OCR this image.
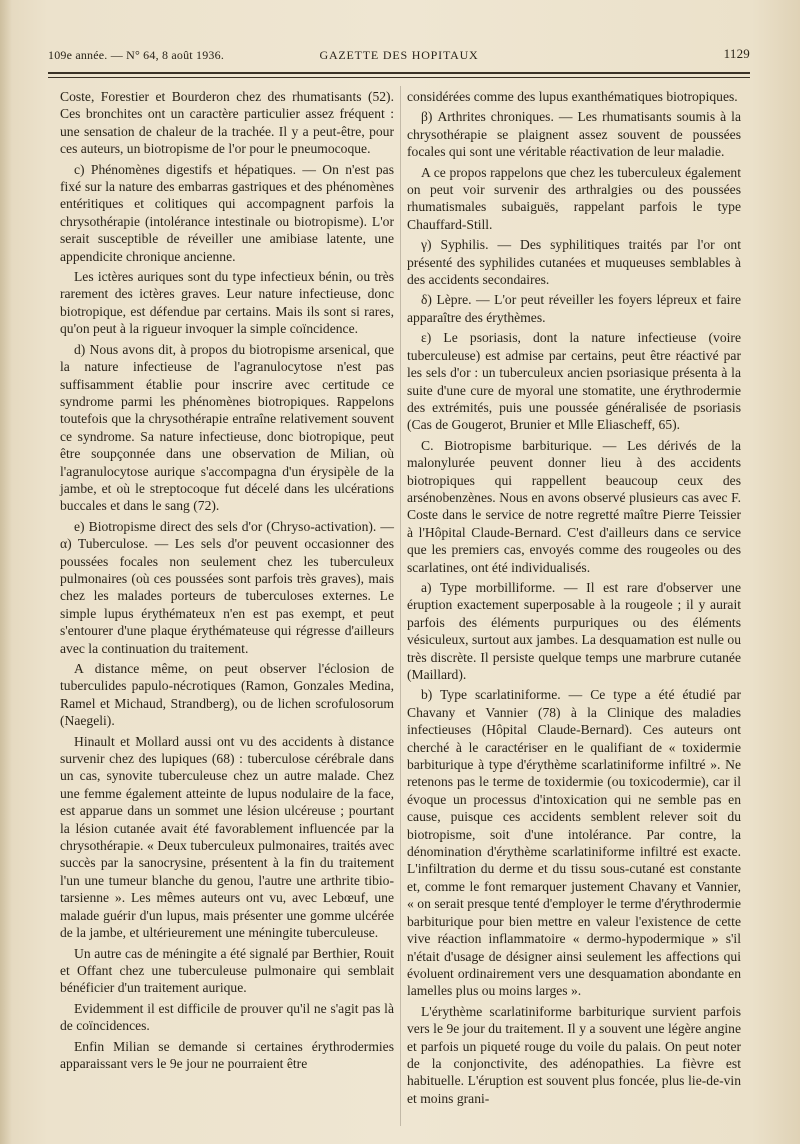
109e année. — N° 64, 8 août 1936.	GAZETTE DES HOPITAUX	1129

Coste, Forestier et Bourderon chez des rhumatisants (52). Ces bronchites ont un caractère particulier assez fréquent : une sensation de chaleur de la trachée. Il y a peut-être, pour ces auteurs, un biotropisme de l'or pour le pneumocoque.

c) Phénomènes digestifs et hépatiques. — On n'est pas fixé sur la nature des embarras gastriques et des phénomènes entéritiques et colitiques qui accompagnent parfois la chrysothérapie (intolérance intestinale ou biotropisme). L'or serait susceptible de réveiller une amibiase latente, une appendicite chronique ancienne.

Les ictères auriques sont du type infectieux bénin, ou très rarement des ictères graves. Leur nature infectieuse, donc biotropique, est défendue par certains. Mais ils sont si rares, qu'on peut à la rigueur invoquer la simple coïncidence.

d) Nous avons dit, à propos du biotropisme arsenical, que la nature infectieuse de l'agranulocytose n'est pas suffisamment établie pour inscrire avec certitude ce syndrome parmi les phénomènes biotropiques. Rappelons toutefois que la chrysothérapie entraîne relativement souvent ce syndrome. Sa nature infectieuse, donc biotropique, peut être soupçonnée dans une observation de Milian, où l'agranulocytose aurique s'accompagna d'un érysipèle de la jambe, et où le streptocoque fut décelé dans les ulcérations buccales et dans le sang (72).

e) Biotropisme direct des sels d'or (Chryso-activation). — α) Tuberculose. — Les sels d'or peuvent occasionner des poussées focales non seulement chez les tuberculeux pulmonaires (où ces poussées sont parfois très graves), mais chez les malades porteurs de tuberculoses externes. Le simple lupus érythémateux n'en est pas exempt, et peut s'entourer d'une plaque érythémateuse qui régresse d'ailleurs avec la continuation du traitement.

A distance même, on peut observer l'éclosion de tuberculides papulo-nécrotiques (Ramon, Gonzales Medina, Ramel et Michaud, Strandberg), ou de lichen scrofulosorum (Naegeli).

Hinault et Mollard aussi ont vu des accidents à distance survenir chez des lupiques (68) : tuberculose cérébrale dans un cas, synovite tuberculeuse chez un autre malade. Chez une femme également atteinte de lupus nodulaire de la face, est apparue dans un sommet une lésion ulcéreuse ; pourtant la lésion cutanée avait été favorablement influencée par la chrysothérapie. « Deux tuberculeux pulmonaires, traités avec succès par la sanocrysine, présentent à la fin du traitement l'un une tumeur blanche du genou, l'autre une arthrite tibio-tarsienne ». Les mêmes auteurs ont vu, avec Lebœuf, une malade guérir d'un lupus, mais présenter une gomme ulcérée de la jambe, et ultérieurement une méningite tuberculeuse.

Un autre cas de méningite a été signalé par Berthier, Rouit et Offant chez une tuberculeuse pulmonaire qui semblait bénéficier d'un traitement aurique.

Evidemment il est difficile de prouver qu'il ne s'agit pas là de coïncidences.

Enfin Milian se demande si certaines érythrodermies apparaissant vers le 9e jour ne pourraient être

considérées comme des lupus exanthématiques biotropiques.

β) Arthrites chroniques. — Les rhumatisants soumis à la chrysothérapie se plaignent assez souvent de poussées focales qui sont une véritable réactivation de leur maladie.

A ce propos rappelons que chez les tuberculeux également on peut voir survenir des arthralgies ou des poussées rhumatismales subaiguës, rappelant parfois le type Chauffard-Still.

γ) Syphilis. — Des syphilitiques traités par l'or ont présenté des syphilides cutanées et muqueuses semblables à des accidents secondaires.

δ) Lèpre. — L'or peut réveiller les foyers lépreux et faire apparaître des érythèmes.

ε) Le psoriasis, dont la nature infectieuse (voire tuberculeuse) est admise par certains, peut être réactivé par les sels d'or : un tuberculeux ancien psoriasique présenta à la suite d'une cure de myoral une stomatite, une érythrodermie des extrémités, puis une poussée généralisée de psoriasis (Cas de Gougerot, Brunier et Mlle Eliascheff, 65).

C. Biotropisme barbiturique. — Les dérivés de la malonylurée peuvent donner lieu à des accidents biotropiques qui rappellent beaucoup ceux des arsénobenzènes. Nous en avons observé plusieurs cas avec F. Coste dans le service de notre regretté maître Pierre Teissier à l'Hôpital Claude-Bernard. C'est d'ailleurs dans ce service que les premiers cas, envoyés comme des rougeoles ou des scarlatines, ont été individualisés.

a) Type morbilliforme. — Il est rare d'observer une éruption exactement superposable à la rougeole ; il y aurait parfois des éléments purpuriques ou des éléments vésiculeux, surtout aux jambes. La desquamation est nulle ou très discrète. Il persiste quelque temps une marbrure cutanée (Maillard).

b) Type scarlatiniforme. — Ce type a été étudié par Chavany et Vannier (78) à la Clinique des maladies infectieuses (Hôpital Claude-Bernard). Ces auteurs ont cherché à le caractériser en le qualifiant de « toxidermie barbiturique à type d'érythème scarlatiniforme infiltré ». Ne retenons pas le terme de toxidermie (ou toxicodermie), car il évoque un processus d'intoxication qui ne semble pas en cause, puisque ces accidents semblent relever soit du biotropisme, soit d'une intolérance. Par contre, la dénomination d'érythème scarlatiniforme infiltré est exacte. L'infiltration du derme et du tissu sous-cutané est constante et, comme le font remarquer justement Chavany et Vannier, « on serait presque tenté d'employer le terme d'érythrodermie barbiturique pour bien mettre en valeur l'existence de cette vive réaction inflammatoire « dermo-hypodermique » s'il n'était d'usage de désigner ainsi seulement les affections qui évoluent ordinairement vers une desquamation abondante en lamelles plus ou moins larges ».

L'érythème scarlatiniforme barbiturique survient parfois vers le 9e jour du traitement. Il y a souvent une légère angine et parfois un piqueté rouge du voile du palais. On peut noter de la conjonctivite, des adénopathies. La fièvre est habituelle. L'éruption est souvent plus foncée, plus lie-de-vin et moins grani-
